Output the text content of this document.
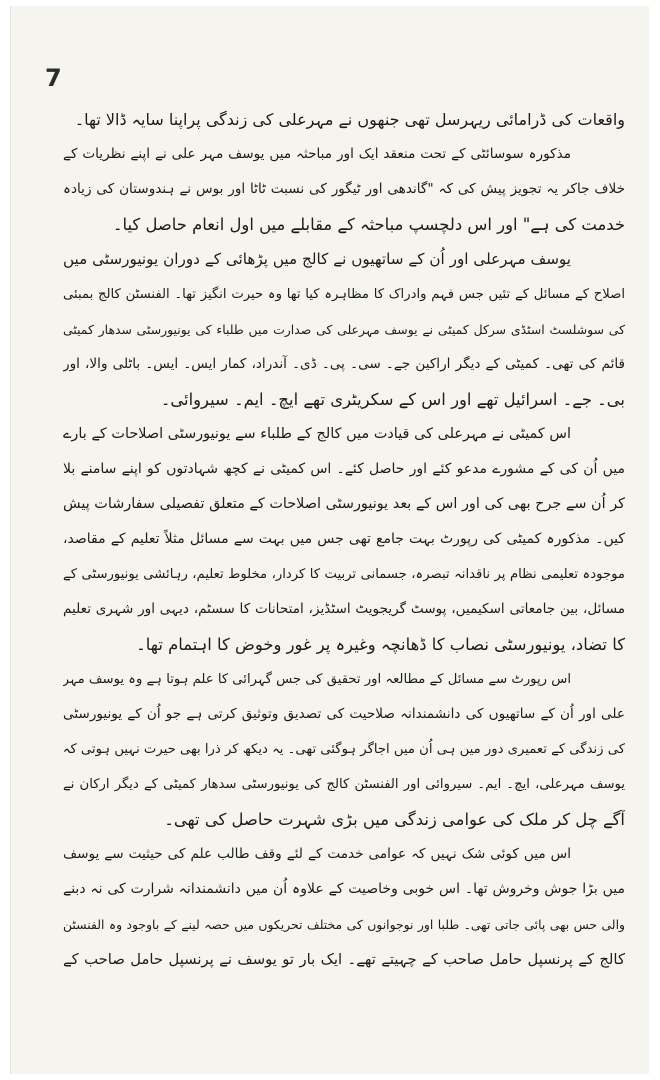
7
واقعات کی ڈرامائی ریہرسل تھی جنھوں نے مہرعلی کی زندگی پراپنا سایہ ڈالا تھا۔
مذکورہ سوسائٹی کے تحت منعقد ایک اور مباحثہ میں یوسف مہر علی نے اپنے نظریات کے
خلاف جاکر یہ تجویز پیش کی کہ "گاندھی اور ٹیگور کی نسبت ٹاٹا اور بوس نے ہندوستان کی زیادہ
خدمت کی ہے" اور اس دلچسپ مباحثہ کے مقابلے میں اول انعام حاصل کیا۔
یوسف مہرعلی اور اُن کے ساتھیوں نے کالج میں پڑھائی کے دوران یونیورسٹی میں
اصلاح کے مسائل کے تئیں جس فہم وادراک کا مظاہرہ کیا تھا وہ حیرت انگیز تھا۔ الفنسٹن کالج بمبئی
کی سوشلسٹ اسٹڈی سرکل کمیٹی نے یوسف مہرعلی کی صدارت میں طلباء کی یونیورسٹی سدھار کمیٹی
قائم کی تھی۔ کمیٹی کے دیگر اراکین جے۔ سی۔ پی۔ ڈی۔ آندراد، کمار ایس۔ ایس۔ باٹلی والا، اور
بی۔ جے۔ اسرائیل تھے اور اس کے سکریٹری تھے ایچ۔ ایم۔ سیروائی۔
اس کمیٹی نے مہرعلی کی قیادت میں کالج کے طلباء سے یونیورسٹی اصلاحات کے بارے
میں اُن کی کے مشورے مدعو کئے اور حاصل کئے۔ اس کمیٹی نے کچھ شہادتوں کو اپنے سامنے بلا
کر اُن سے جرح بھی کی اور اس کے بعد یونیورسٹی اصلاحات کے متعلق تفصیلی سفارشات پیش
کیں۔ مذکورہ کمیٹی کی رپورٹ بہت جامع تھی جس میں بہت سے مسائل مثلاً تعلیم کے مقاصد،
موجودہ تعلیمی نظام پر ناقدانہ تبصرہ، جسمانی تربیت کا کردار، مخلوط تعلیم، رہائشی یونیورسٹی کے
مسائل، بین جامعاتی اسکیمیں، پوسٹ گریجویٹ اسٹڈیز، امتحانات کا سسٹم، دیہی اور شہری تعلیم
کا تضاد، یونیورسٹی نصاب کا ڈھانچہ وغیرہ پر غور وخوض کا اہتمام تھا۔
اس رپورٹ سے مسائل کے مطالعہ اور تحقیق کی جس گہرائی کا علم ہوتا ہے وہ یوسف مہر
علی اور اُن کے ساتھیوں کی دانشمندانہ صلاحیت کی تصدیق وتوثیق کرتی ہے جو اُن کے یونیورسٹی
کی زندگی کے تعمیری دور میں ہی اُن میں اجاگر ہوگئی تھی۔ یہ دیکھ کر ذرا بھی حیرت نہیں ہوتی کہ
یوسف مہرعلی، ایچ۔ ایم۔ سیروائی اور الفنسٹن کالج کی یونیورسٹی سدھار کمیٹی کے دیگر ارکان نے
آگے چل کر ملک کی عوامی زندگی میں بڑی شہرت حاصل کی تھی۔
اس میں کوئی شک نہیں کہ عوامی خدمت کے لئے وقف طالب علم کی حیثیت سے یوسف
میں بڑا جوش وخروش تھا۔ اس خوبی وخاصیت کے علاوہ اُن میں دانشمندانہ شرارت کی نہ دبنے
والی حس بھی پائی جاتی تھی۔ طلبا اور نوجوانوں کی مختلف تحریکوں میں حصہ لینے کے باوجود وہ الفنسٹن
کالج کے پرنسپل حامل صاحب کے چہیتے تھے۔ ایک بار تو یوسف نے پرنسپل حامل صاحب کے
